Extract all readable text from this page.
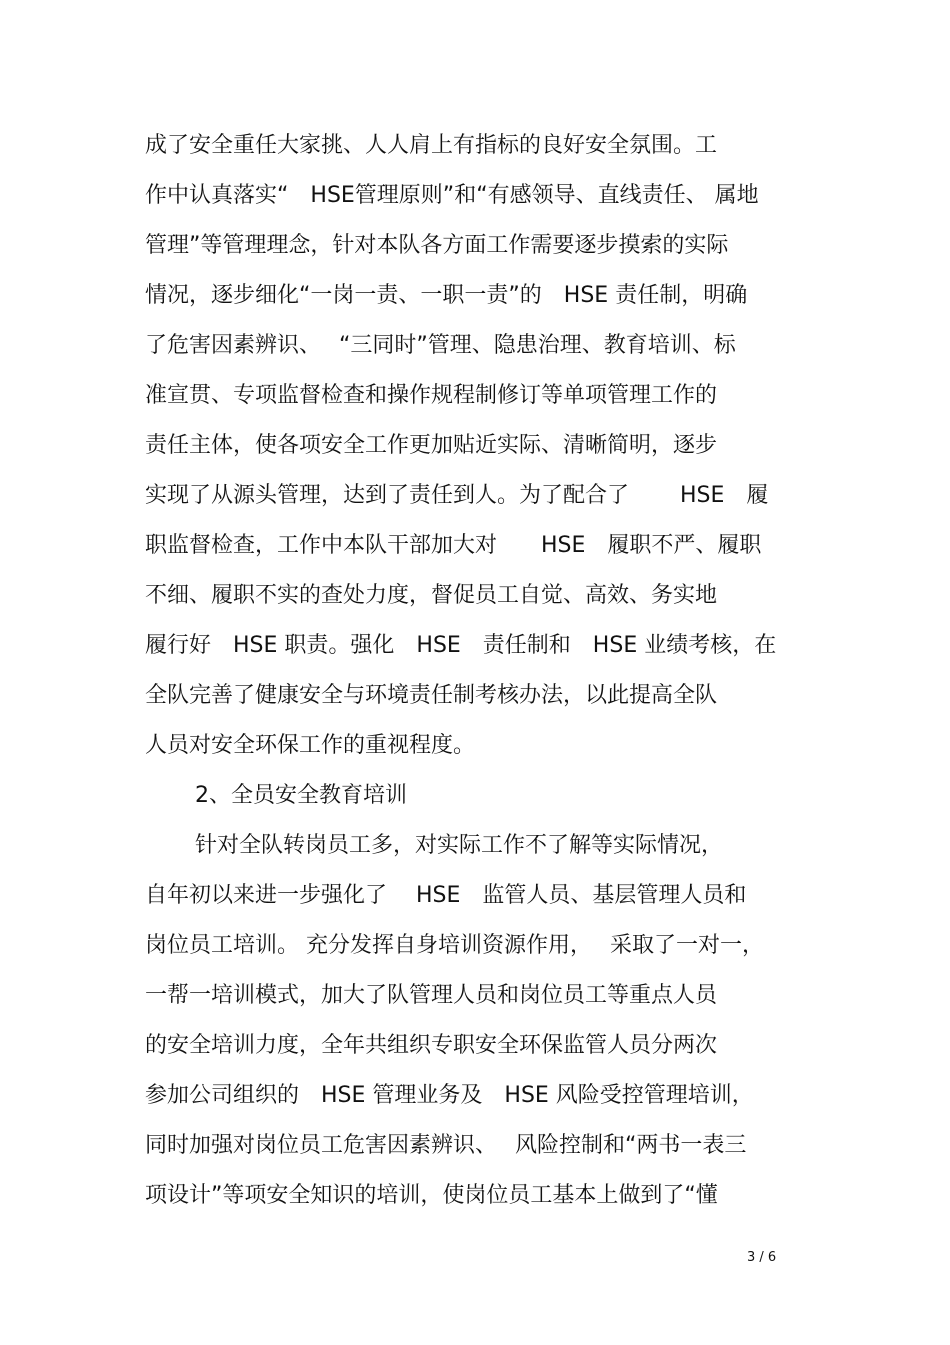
成了安全重任大家挑、人人肩上有指标的良好安全氛围。工
作中认真落实“　HSE管理原则”和“有感领导、直线责任、 属地
管理”等管理理念，针对本队各方面工作需要逐步摸索的实际
情况，逐步细化“一岗一责、一职一责”的　HSE 责任制，明确
了危害因素辨识、　 “三同时”管理、隐患治理、教育培训、标
准宣贯、专项监督检查和操作规程制修订等单项管理工作的
责任主体，使各项安全工作更加贴近实际、清晰简明，逐步
实现了从源头管理，达到了责任到人。为了配合了　　 HSE　履
职监督检查，工作中本队干部加大对　　HSE　履职不严、履职
不细、履职不实的查处力度，督促员工自觉、高效、务实地
履行好　HSE 职责。强化　HSE　责任制和　HSE 业绩考核，在
全队完善了健康安全与环境责任制考核办法，以此提高全队
人员对安全环保工作的重视程度。
2、全员安全教育培训
针对全队转岗员工多，对实际工作不了解等实际情况，
自年初以来进一步强化了　 HSE　监管人员、基层管理人员和
岗位员工培训。 充分发挥自身培训资源作用，　 采取了一对一，
一帮一培训模式，加大了队管理人员和岗位员工等重点人员
的安全培训力度，全年共组织专职安全环保监管人员分两次
参加公司组织的　HSE 管理业务及　HSE 风险受控管理培训，
同时加强对岗位员工危害因素辨识、　 风险控制和“两书一表三
项设计”等项安全知识的培训，使岗位员工基本上做到了“懂
3 / 6
